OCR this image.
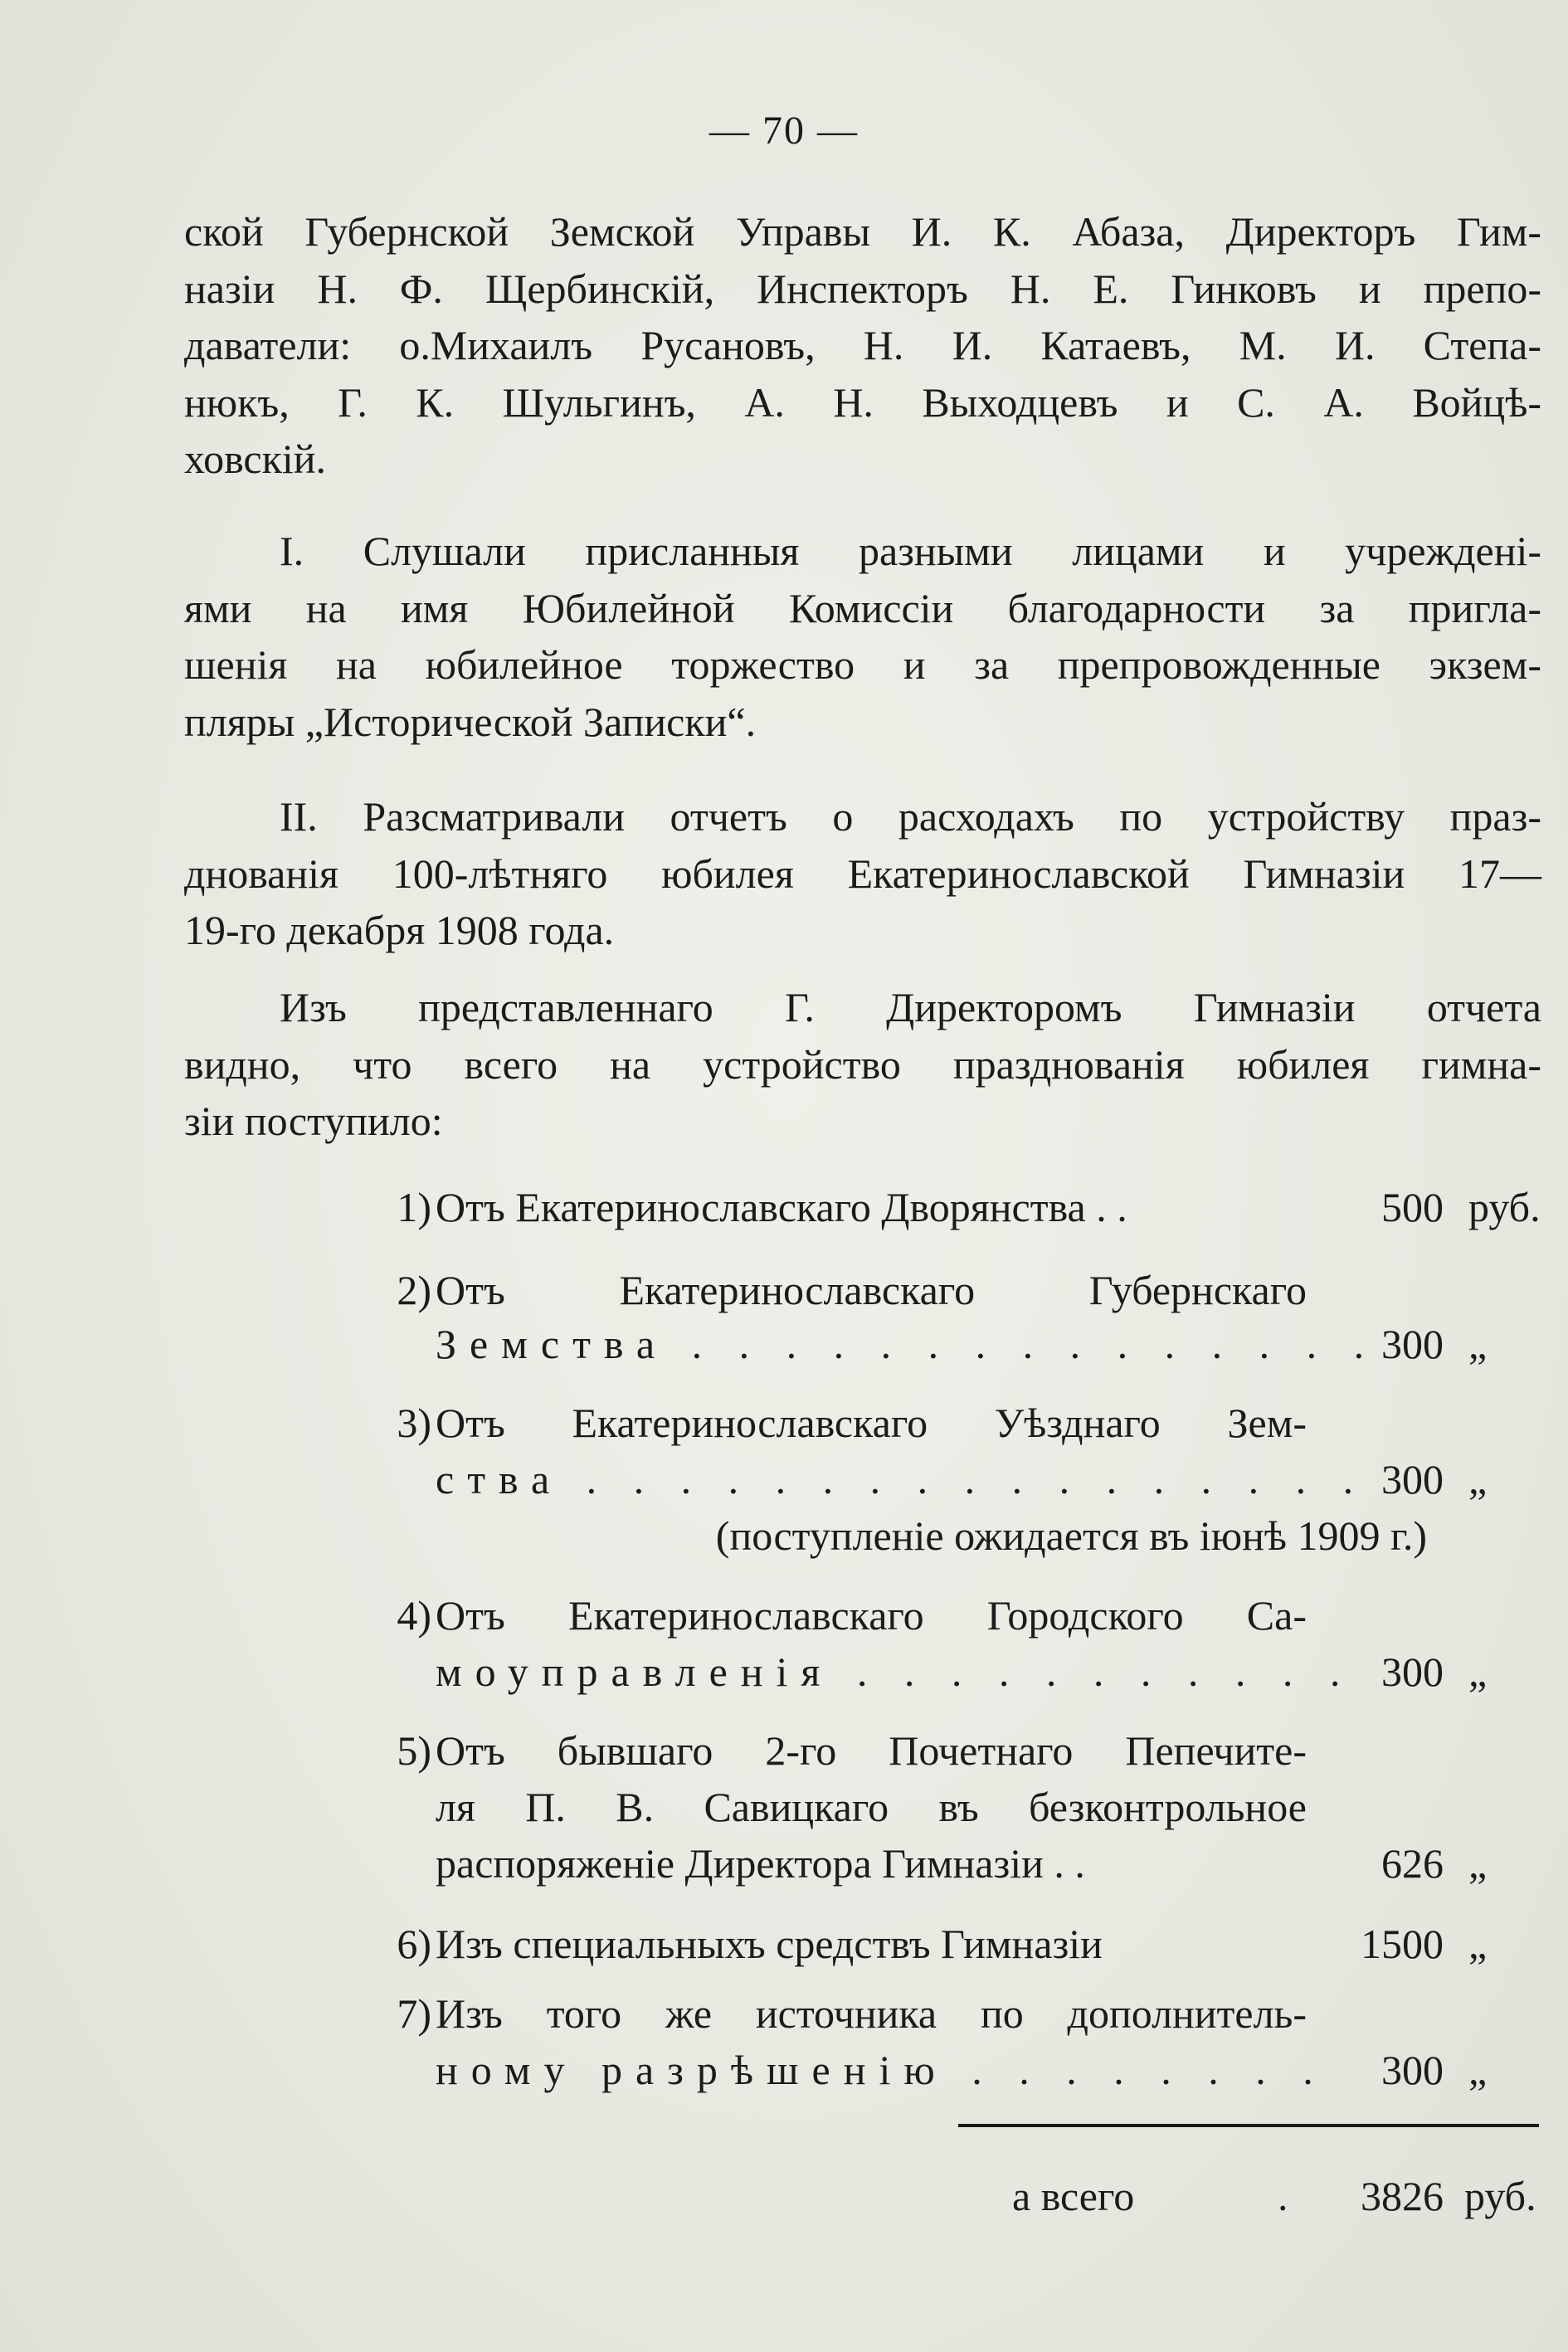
— 70 —
ской Губернской Земской Управы И. К. Абаза, Директоръ Гим-
назіи Н. Ф. Щербинскій, Инспекторъ Н. Е. Гинковъ и препо-
даватели: о.Михаилъ Русановъ, Н. И. Катаевъ, М. И. Степа-
нюкъ, Г. К. Шульгинъ, А. Н. Выходцевъ и С. А. Войцѣ-
ховскій.
I. Слушали присланныя разными лицами и учрежденi-
ями на имя Юбилейной Комиссіи благодарности за пригла-
шенія на юбилейное торжество и за препровожденные экзем-
пляры „Исторической Записки“.
II. Разсматривали отчетъ о расходахъ по устройству праз-
днованія 100-лѣтняго юбилея Екатеринославской Гимназіи 17—
19-го декабря 1908 года.
Изъ представленнаго Г. Директоромъ Гимназіи отчета
видно, что всего на устройство празднованія юбилея гимна-
зіи поступило:
1) Отъ Екатеринославскаго Дворянства . .	500 руб.
2) Отъ Екатеринославскаго Губернскаго
Земства . . . . . . . . . . . . . . . 300 „
3) Отъ Екатеринославскаго Уѣзднаго Зем-
ства . . . . . . . . . . . . . . . . . 300 „
(поступленіе ожидается въ іюнѣ 1909 г.)
4) Отъ Екатеринославскаго Городского Са-
моуправленія . . . . . . . . . . . 300 „
5) Отъ бывшаго 2-го Почетнаго Пепечите-
ля П. В. Савицкаго въ безконтрольное
распоряженіе Директора Гимназіи . .	626 „
6) Изъ специальныхъ средствъ Гимназіи	1500 „
7) Изъ того же источника по дополнитель-
ному разрѣшенію . . . . . . . .	300 „
а всего	.	3826 руб.
